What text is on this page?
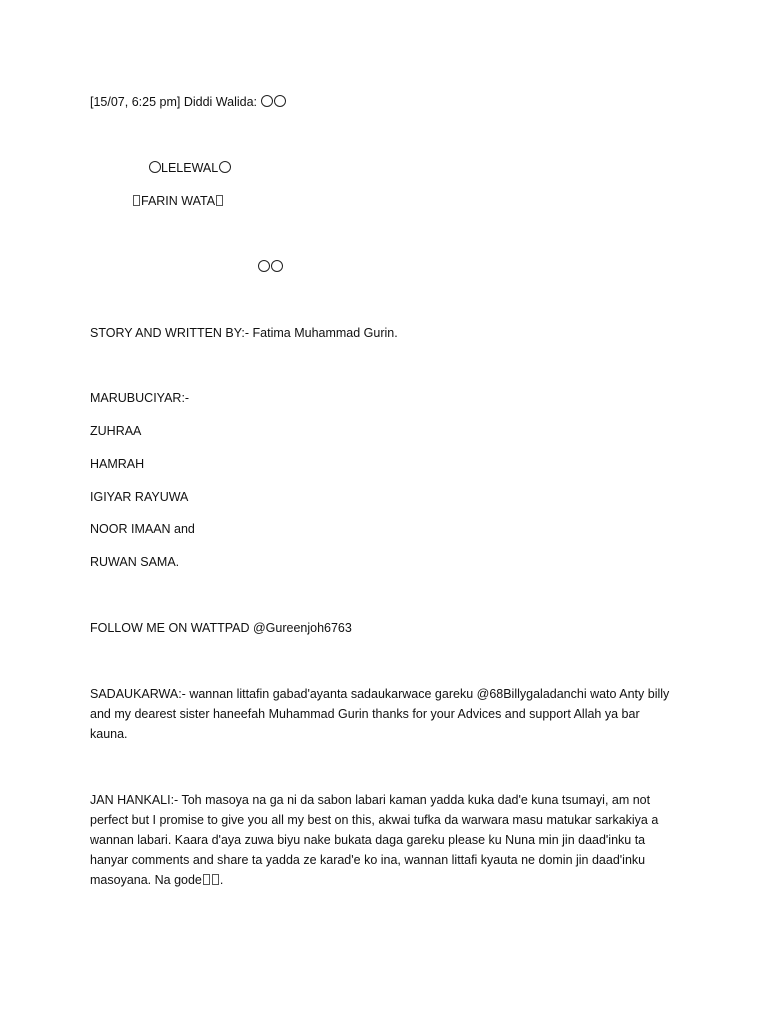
[15/07, 6:25 pm] Diddi Walida:
LELEWAL
FARIN WATA
STORY AND WRITTEN BY:- Fatima Muhammad Gurin.
MARUBUCIYAR:-
ZUHRAA
HAMRAH
IGIYAR RAYUWA
NOOR IMAAN and
RUWAN SAMA.
FOLLOW ME ON WATTPAD @Gureenjoh6763
SADAUKARWA:- wannan littafin gabad'ayanta sadaukarwace gareku @68Billygaladanchi wato Anty billy and my dearest sister haneefah Muhammad Gurin thanks for your Advices and support Allah ya bar kauna.
JAN HANKALI:- Toh masoya na ga ni da sabon labari kaman yadda kuka dad'e kuna tsumayi, am not perfect but I promise to give you all my best on this, akwai tufka da warwara masu matukar sarkakiya a wannan labari. Kaara d'aya zuwa biyu nake bukata daga gareku please ku Nuna min jin daad'inku ta hanyar comments and share ta yadda ze karad'e ko ina, wannan littafi kyauta ne domin jin daad'inku masoyana. Na gode .
